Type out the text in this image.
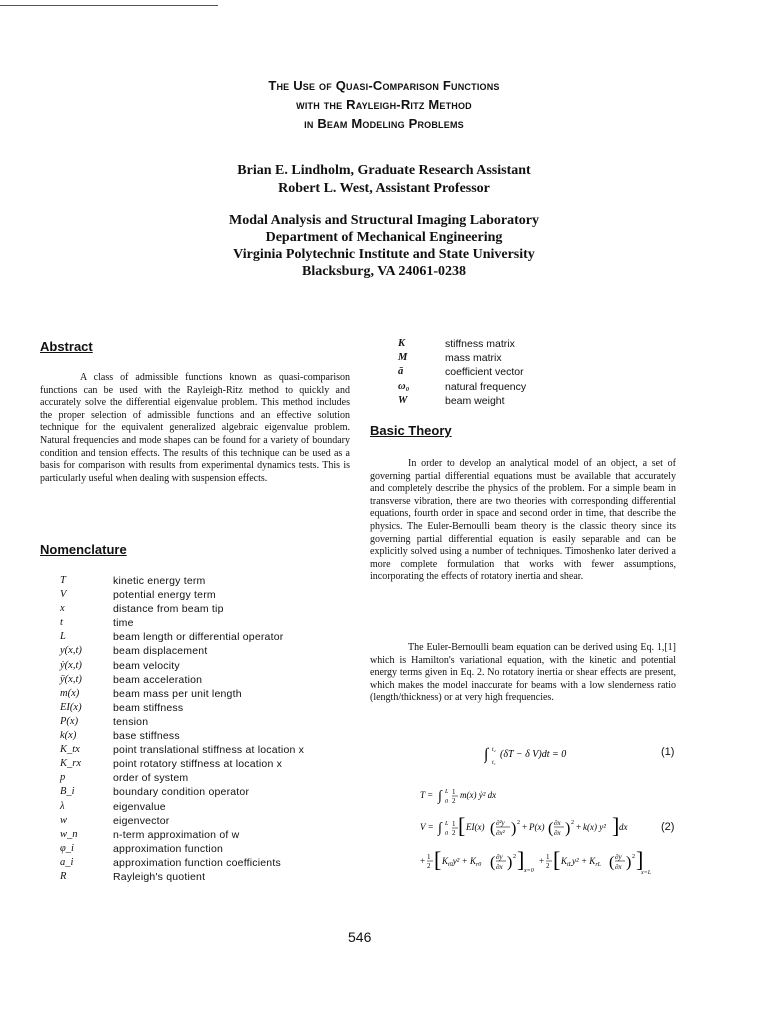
The Use of Quasi-Comparison Functions
with the Rayleigh-Ritz Method
in Beam Modeling Problems
Brian E. Lindholm, Graduate Research Assistant
Robert L. West, Assistant Professor
Modal Analysis and Structural Imaging Laboratory
Department of Mechanical Engineering
Virginia Polytechnic Institute and State University
Blacksburg, VA 24061-0238
Abstract
A class of admissible functions known as quasi-comparison functions can be used with the Rayleigh-Ritz method to quickly and accurately solve the differential eigenvalue problem. This method includes the proper selection of admissible functions and an effective solution technique for the equivalent generalized algebraic eigenvalue problem. Natural frequencies and mode shapes can be found for a variety of boundary condition and tension effects. The results of this technique can be used as a basis for comparison with results from experimental dynamics tests. This is particularly useful when dealing with suspension effects.
Nomenclature
T	kinetic energy term
V	potential energy term
x	distance from beam tip
t	time
L	beam length or differential operator
y(x,t)	beam displacement
ẏ(x,t)	beam velocity
ÿ(x,t)	beam acceleration
m(x)	beam mass per unit length
EI(x)	beam stiffness
P(x)	tension
k(x)	base stiffness
K_tx	point translational stiffness at location x
K_rx	point rotatory stiffness at location x
p	order of system
B_i	boundary condition operator
λ	eigenvalue
w	eigenvector
w_n	n-term approximation of w
φ_i	approximation function
a_i	approximation function coefficients
R	Rayleigh's quotient
K	stiffness matrix
M	mass matrix
ā	coefficient vector
ω₀	natural frequency
W	beam weight
Basic Theory
In order to develop an analytical model of an object, a set of governing partial differential equations must be available that accurately and completely describe the physics of the problem. For a simple beam in transverse vibration, there are two theories with corresponding differential equations, fourth order in space and second order in time, that describe the physics. The Euler-Bernoulli beam theory is the classic theory since its governing partial differential equation is easily separable and can be explicitly solved using a number of techniques. Timoshenko later derived a more complete formulation that works with fewer assumptions, incorporating the effects of rotatory inertia and shear.
The Euler-Bernoulli beam equation can be derived using Eq. 1,[1] which is Hamilton's variational equation, with the kinetic and potential energy terms given in Eq. 2. No rotatory inertia or shear effects are present, which makes the model inaccurate for beams with a low slenderness ratio (length/thickness) or at very high frequencies.
∫ t₂
t₁
(δT − δ V)dt = 0	(1)
T = ∫ L
0
1
2
m(x) ẏ² dx
V = ∫ L
0
1
2 [ EI(x) ( ∂²y
∂x² ) 2 + P(x) ( ∂x
∂x ) 2 + k(x) y² ] dx
+ 1
2 [ $K_{t0}y^2 + K_{r0}$ ( ∂y
∂x ) 2 ] x=0
+ 1
2 [ $K_{tL}y^2 + K_{rL}$ ( ∂y
∂x ) 2 ]
x=L
(2)
546
